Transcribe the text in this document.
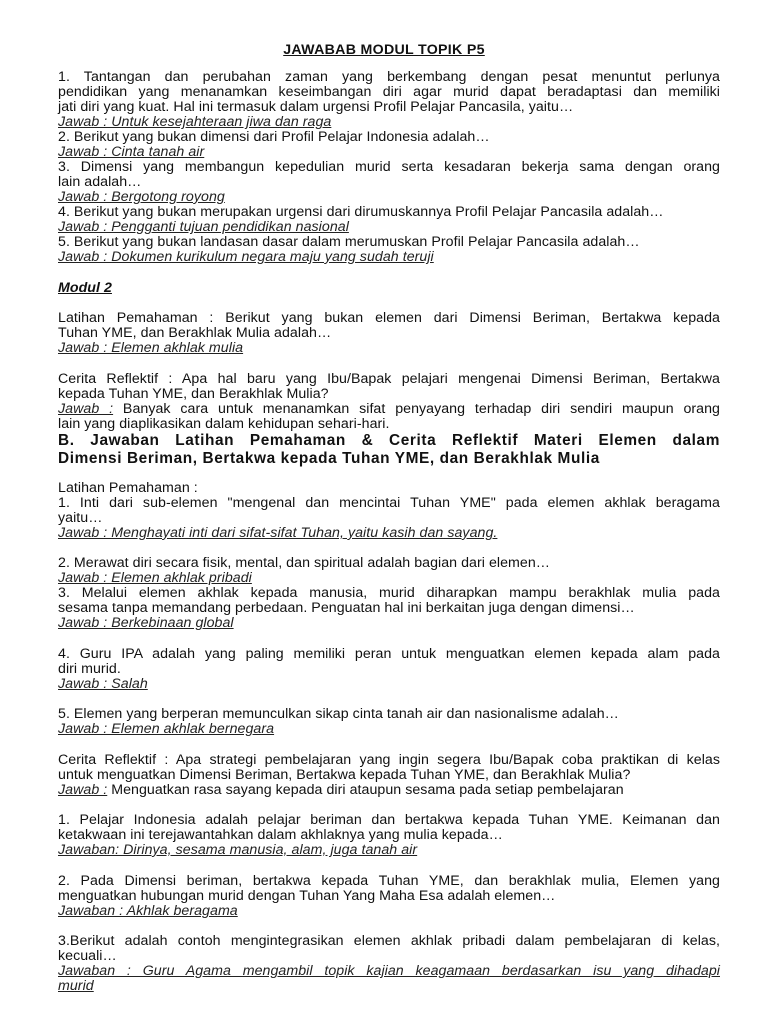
JAWABAB MODUL TOPIK P5
1. Tantangan dan perubahan zaman yang berkembang dengan pesat menuntut perlunya
pendidikan yang menanamkan keseimbangan diri agar murid dapat beradaptasi dan memiliki
jati diri yang kuat. Hal ini termasuk dalam urgensi Profil Pelajar Pancasila, yaitu…
Jawab : Untuk kesejahteraan jiwa dan raga
2. Berikut yang bukan dimensi dari Profil Pelajar Indonesia adalah…
Jawab : Cinta tanah air
3. Dimensi yang membangun kepedulian murid serta kesadaran bekerja sama dengan orang
lain adalah…
Jawab : Bergotong royong
4. Berikut yang bukan merupakan urgensi dari dirumuskannya Profil Pelajar Pancasila adalah…
Jawab : Pengganti tujuan pendidikan nasional
5. Berikut yang bukan landasan dasar dalam merumuskan Profil Pelajar Pancasila adalah…
Jawab : Dokumen kurikulum negara maju yang sudah teruji
Modul 2
Latihan Pemahaman : Berikut yang bukan elemen dari Dimensi Beriman, Bertakwa kepada
Tuhan YME, dan Berakhlak Mulia adalah…
Jawab : Elemen akhlak mulia
Cerita Reflektif : Apa hal baru yang Ibu/Bapak pelajari mengenai Dimensi Beriman, Bertakwa
kepada Tuhan YME, dan Berakhlak Mulia?
Jawab : Banyak cara untuk menanamkan sifat penyayang terhadap diri sendiri maupun orang
lain yang diaplikasikan dalam kehidupan sehari-hari.
B. Jawaban Latihan Pemahaman & Cerita Reflektif Materi Elemen dalam
Dimensi Beriman, Bertakwa kepada Tuhan YME, dan Berakhlak Mulia
Latihan Pemahaman :
1. Inti dari sub-elemen "mengenal dan mencintai Tuhan YME" pada elemen akhlak beragama
yaitu…
Jawab : Menghayati inti dari sifat-sifat Tuhan, yaitu kasih dan sayang.
2. Merawat diri secara fisik, mental, dan spiritual adalah bagian dari elemen…
Jawab : Elemen akhlak pribadi
3. Melalui elemen akhlak kepada manusia, murid diharapkan mampu berakhlak mulia pada
sesama tanpa memandang perbedaan. Penguatan hal ini berkaitan juga dengan dimensi…
Jawab : Berkebinaan global
4. Guru IPA adalah yang paling memiliki peran untuk menguatkan elemen kepada alam pada
diri murid.
Jawab : Salah
5. Elemen yang berperan memunculkan sikap cinta tanah air dan nasionalisme adalah…
Jawab : Elemen akhlak bernegara
Cerita Reflektif : Apa strategi pembelajaran yang ingin segera Ibu/Bapak coba praktikan di kelas
untuk menguatkan Dimensi Beriman, Bertakwa kepada Tuhan YME, dan Berakhlak Mulia?
Jawab : Menguatkan rasa sayang kepada diri ataupun sesama pada setiap pembelajaran
1. Pelajar Indonesia adalah pelajar beriman dan bertakwa kepada Tuhan YME. Keimanan dan
ketakwaan ini terejawantahkan dalam akhlaknya yang mulia kepada…
Jawaban: Dirinya, sesama manusia, alam, juga tanah air
2. Pada Dimensi beriman, bertakwa kepada Tuhan YME, dan berakhlak mulia, Elemen yang
menguatkan hubungan murid dengan Tuhan Yang Maha Esa adalah elemen…
Jawaban : Akhlak beragama
3.Berikut adalah contoh mengintegrasikan elemen akhlak pribadi dalam pembelajaran di kelas,
kecuali…
Jawaban : Guru Agama mengambil topik kajian keagamaan berdasarkan isu yang dihadapi
murid
